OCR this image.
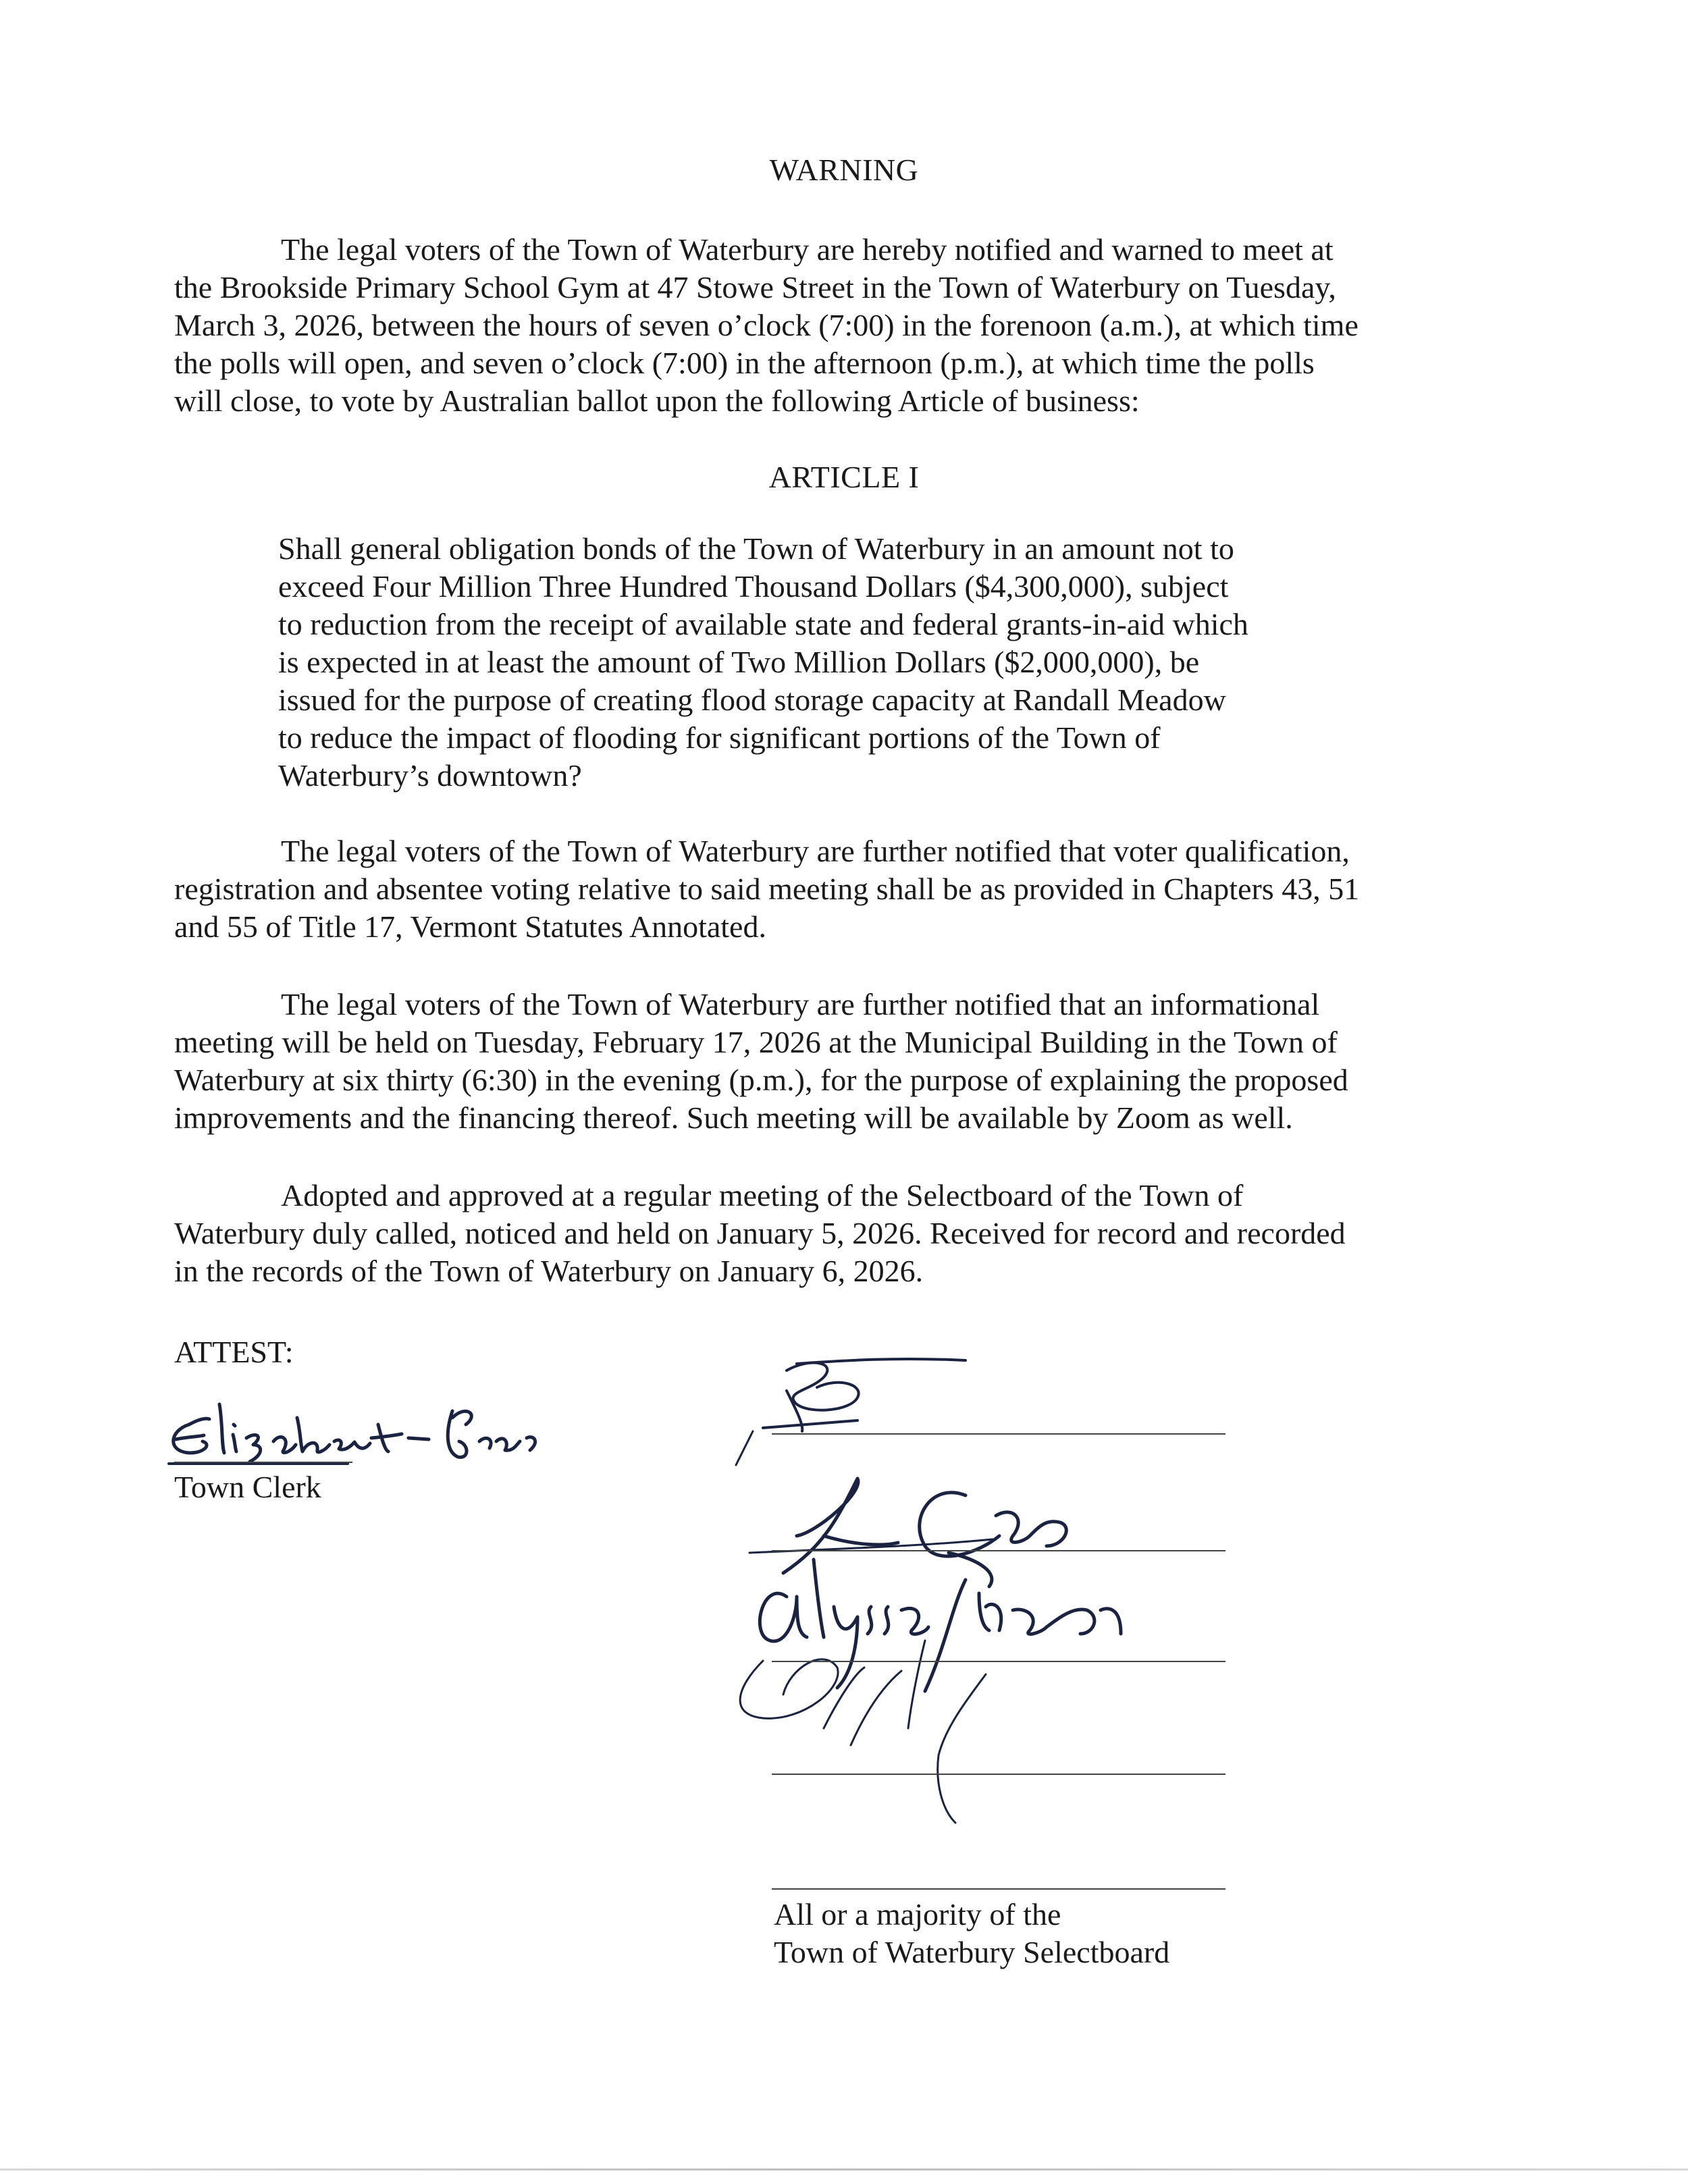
WARNING
The legal voters of the Town of Waterbury are hereby notified and warned to meet at
the Brookside Primary School Gym at 47 Stowe Street in the Town of Waterbury on Tuesday,
March 3, 2026, between the hours of seven o’clock (7:00) in the forenoon (a.m.), at which time
the polls will open, and seven o’clock (7:00) in the afternoon (p.m.), at which time the polls
will close, to vote by Australian ballot upon the following Article of business:
ARTICLE I
Shall general obligation bonds of the Town of Waterbury in an amount not to
exceed Four Million Three Hundred Thousand Dollars ($4,300,000), subject
to reduction from the receipt of available state and federal grants-in-aid which
is expected in at least the amount of Two Million Dollars ($2,000,000), be
issued for the purpose of creating flood storage capacity at Randall Meadow
to reduce the impact of flooding for significant portions of the Town of
Waterbury’s downtown?
The legal voters of the Town of Waterbury are further notified that voter qualification,
registration and absentee voting relative to said meeting shall be as provided in Chapters 43, 51
and 55 of Title 17, Vermont Statutes Annotated.
The legal voters of the Town of Waterbury are further notified that an informational
meeting will be held on Tuesday, February 17, 2026 at the Municipal Building in the Town of
Waterbury at six thirty (6:30) in the evening (p.m.), for the purpose of explaining the proposed
improvements and the financing thereof. Such meeting will be available by Zoom as well.
Adopted and approved at a regular meeting of the Selectboard of the Town of
Waterbury duly called, noticed and held on January 5, 2026. Received for record and recorded
in the records of the Town of Waterbury on January 6, 2026.
ATTEST:
Town Clerk
All or a majority of the
Town of Waterbury Selectboard
